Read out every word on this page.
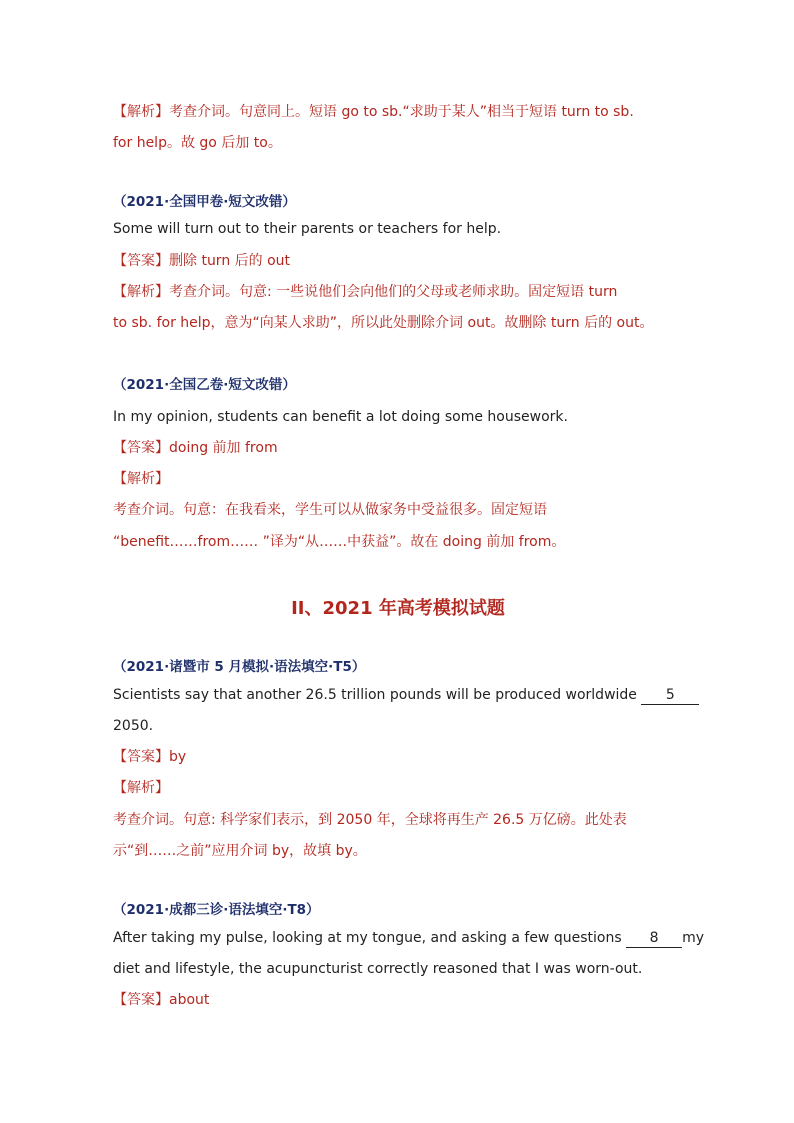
【解析】考查介词。句意同上。短语 go to sb.“求助于某人”相当于短语 turn to sb.
for help。故 go 后加 to。
（2021·全国甲卷·短文改错）
Some will turn out to their parents or teachers for help.
【答案】删除 turn 后的 out
【解析】考查介词。句意: 一些说他们会向他们的父母或老师求助。固定短语 turn
to sb. for help，意为“向某人求助”，所以此处删除介词 out。故删除 turn 后的 out。
（2021·全国乙卷·短文改错）
In my opinion, students can benefit a lot doing some housework.
【答案】doing 前加 from
【解析】
考查介词。句意：在我看来，学生可以从做家务中受益很多。固定短语
“benefit……from…… ”译为“从……中获益”。故在 doing 前加 from。
II、2021 年高考模拟试题
（2021·诸暨市 5 月模拟·语法填空·T5）
Scientists say that another 26.5 trillion pounds will be produced worldwide 5
2050.
【答案】by
【解析】
考查介词。句意: 科学家们表示，到 2050 年，全球将再生产 26.5 万亿磅。此处表
示“到……之前”应用介词 by，故填 by。
（2021·成都三诊·语法填空·T8）
After taking my pulse, looking at my tongue, and asking a few questions 8 my
diet and lifestyle, the acupuncturist correctly reasoned that I was worn-out.
【答案】about
